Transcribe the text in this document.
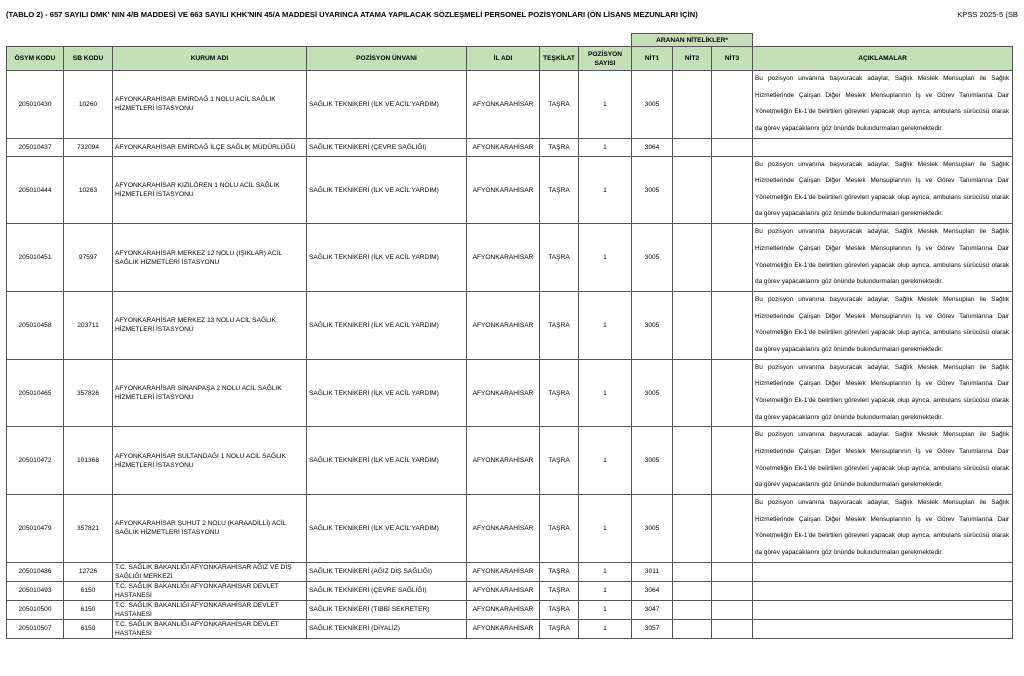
(TABLO 2) - 657 SAYILI DMK' NIN 4/B MADDESİ VE 663 SAYILI KHK'NIN 45/A MADDESİ UYARINCA ATAMA YAPILACAK SÖZLEŞMELİ PERSONEL POZİSYONLARI (ÖN LİSANS MEZUNLARI İÇİN)	KPSS 2025-5 (SB
							ARANAN NİTELİKLER*			
ÖSYM KODU	SB KODU	KURUM ADI	POZİSYON ÜNVANI	İL ADI	TEŞKİLAT	POZİSYON SAYISI	NİT1	NİT2	NİT3	AÇIKLAMALAR
205010430	10260	AFYONKARAHİSAR EMİRDAĞ 1 NOLU ACİL SAĞLIK HİZMETLERİ İSTASYONU	SAĞLIK TEKNİKERİ (İLK VE ACİL YARDIM)	AFYONKARAHİSAR	TAŞRA	1	3005			Bu pozisyon unvanına başvuracak adaylar, Sağlık Meslek Mensupları ile Sağlık Hizmetlerinde Çalışan Diğer Meslek Mensuplarının İş ve Görev Tanımlarına Dair Yönetmeliğin Ek-1'de belirtilen görevleri yapacak olup ayrıca, ambulans sürücüsü olarak da görev yapacaklarını göz önünde bulundurmaları gerekmektedir.
205010437	732094	AFYONKARAHİSAR EMİRDAĞ İLÇE SAĞLIK MÜDÜRLÜĞÜ	SAĞLIK TEKNİKERİ (ÇEVRE SAĞLIĞI)	AFYONKARAHİSAR	TAŞRA	1	3064			
205010444	10263	AFYONKARAHİSAR KIZILÖREN 1 NOLU ACİL SAĞLIK HİZMETLERİ İSTASYONU	SAĞLIK TEKNİKERİ (İLK VE ACİL YARDIM)	AFYONKARAHİSAR	TAŞRA	1	3005			Bu pozisyon unvanına başvuracak adaylar, Sağlık Meslek Mensupları ile Sağlık Hizmetlerinde Çalışan Diğer Meslek Mensuplarının İş ve Görev Tanımlarına Dair Yönetmeliğin Ek-1'de belirtilen görevleri yapacak olup ayrıca, ambulans sürücüsü olarak da görev yapacaklarını göz önünde bulundurmaları gerekmektedir.
205010451	97597	AFYONKARAHİSAR MERKEZ 12 NOLU (IŞIKLAR) ACİL SAĞLIK HİZMETLERİ İSTASYONU	SAĞLIK TEKNİKERİ (İLK VE ACİL YARDIM)	AFYONKARAHİSAR	TAŞRA	1	3005			Bu pozisyon unvanına başvuracak adaylar, Sağlık Meslek Mensupları ile Sağlık Hizmetlerinde Çalışan Diğer Meslek Mensuplarının İş ve Görev Tanımlarına Dair Yönetmeliğin Ek-1'de belirtilen görevleri yapacak olup ayrıca, ambulans sürücüsü olarak da görev yapacaklarını göz önünde bulundurmaları gerekmektedir.
205010458	203711	AFYONKARAHİSAR MERKEZ 13 NOLU ACİL SAĞLIK HİZMETLERİ İSTASYONU	SAĞLIK TEKNİKERİ (İLK VE ACİL YARDIM)	AFYONKARAHİSAR	TAŞRA	1	3005			Bu pozisyon unvanına başvuracak adaylar, Sağlık Meslek Mensupları ile Sağlık Hizmetlerinde Çalışan Diğer Meslek Mensuplarının İş ve Görev Tanımlarına Dair Yönetmeliğin Ek-1'de belirtilen görevleri yapacak olup ayrıca, ambulans sürücüsü olarak da görev yapacaklarını göz önünde bulundurmaları gerekmektedir.
205010465	357826	AFYONKARAHİSAR SİNANPAŞA 2 NOLU ACİL SAĞLIK HİZMETLERİ İSTASYONU	SAĞLIK TEKNİKERİ (İLK VE ACİL YARDIM)	AFYONKARAHİSAR	TAŞRA	1	3005			Bu pozisyon unvanına başvuracak adaylar, Sağlık Meslek Mensupları ile Sağlık Hizmetlerinde Çalışan Diğer Meslek Mensuplarının İş ve Görev Tanımlarına Dair Yönetmeliğin Ek-1'de belirtilen görevleri yapacak olup ayrıca, ambulans sürücüsü olarak da görev yapacaklarını göz önünde bulundurmaları gerekmektedir.
205010472	101368	AFYONKARAHİSAR SULTANDAĞI 1 NOLU ACİL SAĞLIK HİZMETLERİ İSTASYONU	SAĞLIK TEKNİKERİ (İLK VE ACİL YARDIM)	AFYONKARAHİSAR	TAŞRA	1	3005			Bu pozisyon unvanına başvuracak adaylar, Sağlık Meslek Mensupları ile Sağlık Hizmetlerinde Çalışan Diğer Meslek Mensuplarının İş ve Görev Tanımlarına Dair Yönetmeliğin Ek-1'de belirtilen görevleri yapacak olup ayrıca, ambulans sürücüsü olarak da görev yapacaklarını göz önünde bulundurmaları gerekmektedir.
205010479	357821	AFYONKARAHİSAR ŞUHUT 2 NOLU (KARAADİLLİ) ACİL SAĞLIK HİZMETLERİ İSTASYONU	SAĞLIK TEKNİKERİ (İLK VE ACİL YARDIM)	AFYONKARAHİSAR	TAŞRA	1	3005			Bu pozisyon unvanına başvuracak adaylar, Sağlık Meslek Mensupları ile Sağlık Hizmetlerinde Çalışan Diğer Meslek Mensuplarının İş ve Görev Tanımlarına Dair Yönetmeliğin Ek-1'de belirtilen görevleri yapacak olup ayrıca, ambulans sürücüsü olarak da görev yapacaklarını göz önünde bulundurmaları gerekmektedir.
205010486	12726	T.C. SAĞLIK BAKANLIĞI AFYONKARAHİSAR AĞIZ VE DİŞ SAĞLIĞI MERKEZİ	SAĞLIK TEKNİKERİ (AĞIZ DİŞ SAĞLIĞI)	AFYONKARAHİSAR	TAŞRA	1	3011			
205010493	6150	T.C. SAĞLIK BAKANLIĞI AFYONKARAHİSAR DEVLET HASTANESİ	SAĞLIK TEKNİKERİ (ÇEVRE SAĞLIĞI)	AFYONKARAHİSAR	TAŞRA	1	3064			
205010500	6150	T.C. SAĞLIK BAKANLIĞI AFYONKARAHİSAR DEVLET HASTANESİ	SAĞLIK TEKNİKERİ (TIBBİ SEKRETER)	AFYONKARAHİSAR	TAŞRA	1	3047			
205010507	6150	T.C. SAĞLIK BAKANLIĞI AFYONKARAHİSAR DEVLET HASTANESİ	SAĞLIK TEKNİKERİ (DİYALİZ)	AFYONKARAHİSAR	TAŞRA	1	3057			
